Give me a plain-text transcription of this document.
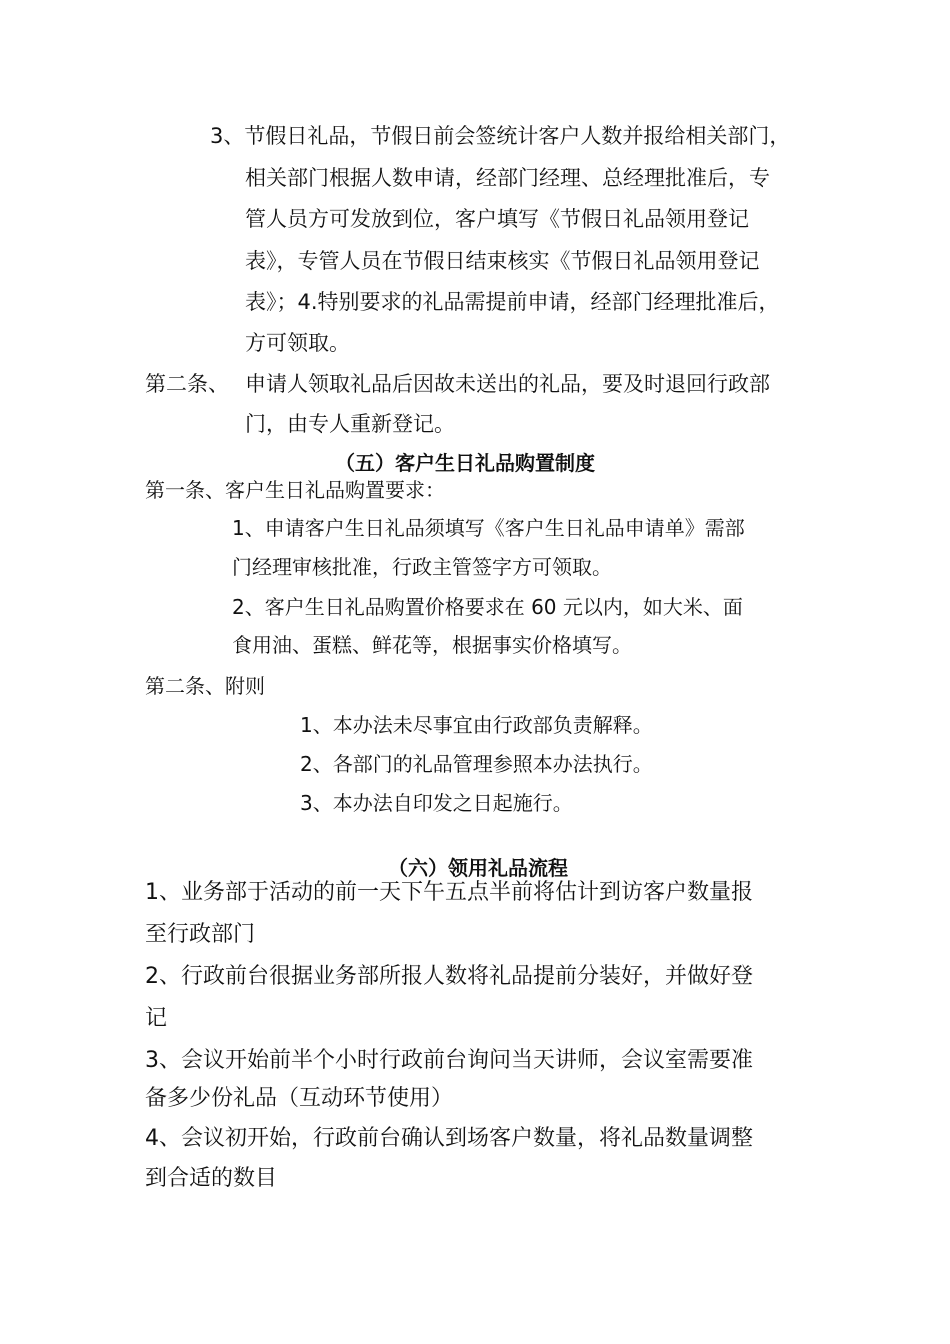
3、节假日礼品，节假日前会签统计客户人数并报给相关部门，
相关部门根据人数申请，经部门经理、总经理批准后，专
管人员方可发放到位，客户填写《节假日礼品领用登记
表》，专管人员在节假日结束核实《节假日礼品领用登记
表》；4.特别要求的礼品需提前申请，经部门经理批准后，
方可领取。
第二条、 申请人领取礼品后因故未送出的礼品，要及时退回行政部
门，由专人重新登记。
（五）客户生日礼品购置制度
第一条、客户生日礼品购置要求：
1、申请客户生日礼品须填写《客户生日礼品申请单》需部
门经理审核批准，行政主管签字方可领取。
2、客户生日礼品购置价格要求在 60 元以内，如大米、面
食用油、蛋糕、鲜花等，根据事实价格填写。
第二条、附则
1、本办法未尽事宜由行政部负责解释。
2、各部门的礼品管理参照本办法执行。
3、本办法自印发之日起施行。
（六）领用礼品流程
1、业务部于活动的前一天下午五点半前将估计到访客户数量报
至行政部门
2、行政前台很据业务部所报人数将礼品提前分装好，并做好登
记
3、会议开始前半个小时行政前台询问当天讲师，会议室需要准
备多少份礼品（互动环节使用）
4、会议初开始，行政前台确认到场客户数量，将礼品数量调整
到合适的数目
